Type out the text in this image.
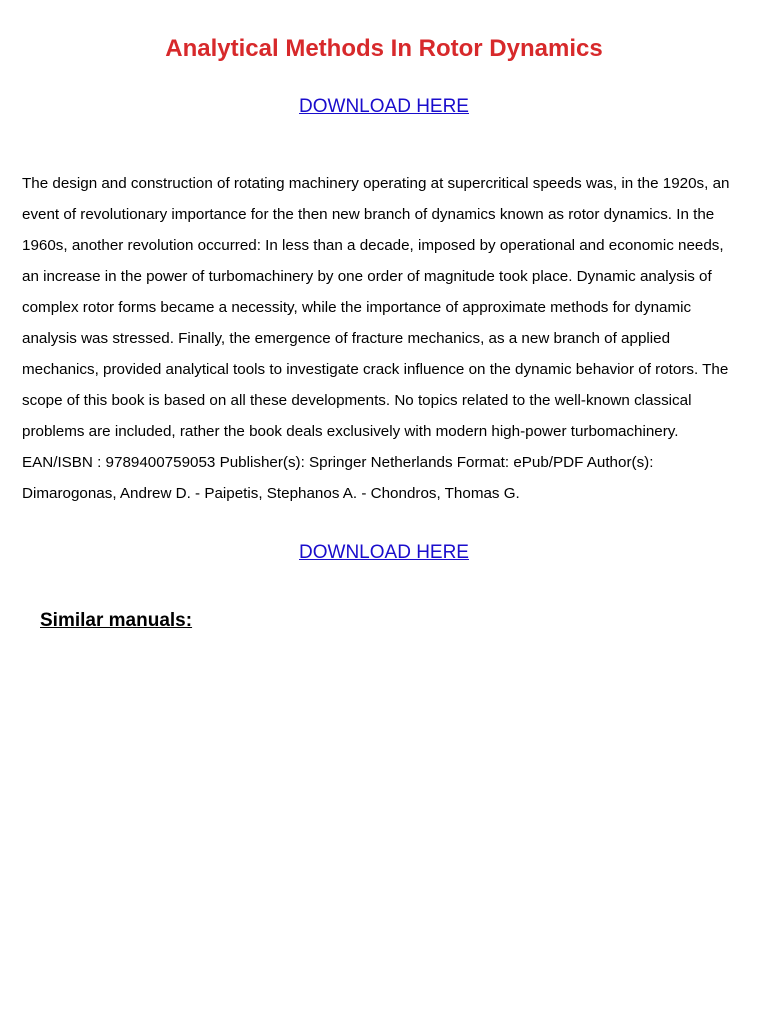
Analytical Methods In Rotor Dynamics
DOWNLOAD HERE

The design and construction of rotating machinery operating at supercritical speeds was, in the 1920s, an
event of revolutionary importance for the then new branch of dynamics known as rotor dynamics. In the
1960s, another revolution occurred: In less than a decade, imposed by operational and economic needs,
an increase in the power of turbomachinery by one order of magnitude took place. Dynamic analysis of
complex rotor forms became a necessity, while the importance of approximate methods for dynamic
analysis was stressed. Finally, the emergence of fracture mechanics, as a new branch of applied
mechanics, provided analytical tools to investigate crack influence on the dynamic behavior of rotors. The
scope of this book is based on all these developments. No topics related to the well-known classical
problems are included, rather the book deals exclusively with modern high-power turbomachinery.
EAN/ISBN : 9789400759053 Publisher(s): Springer Netherlands Format: ePub/PDF Author(s):
Dimarogonas, Andrew D. - Paipetis, Stephanos A. - Chondros, Thomas G.

DOWNLOAD HERE
Similar manuals:
